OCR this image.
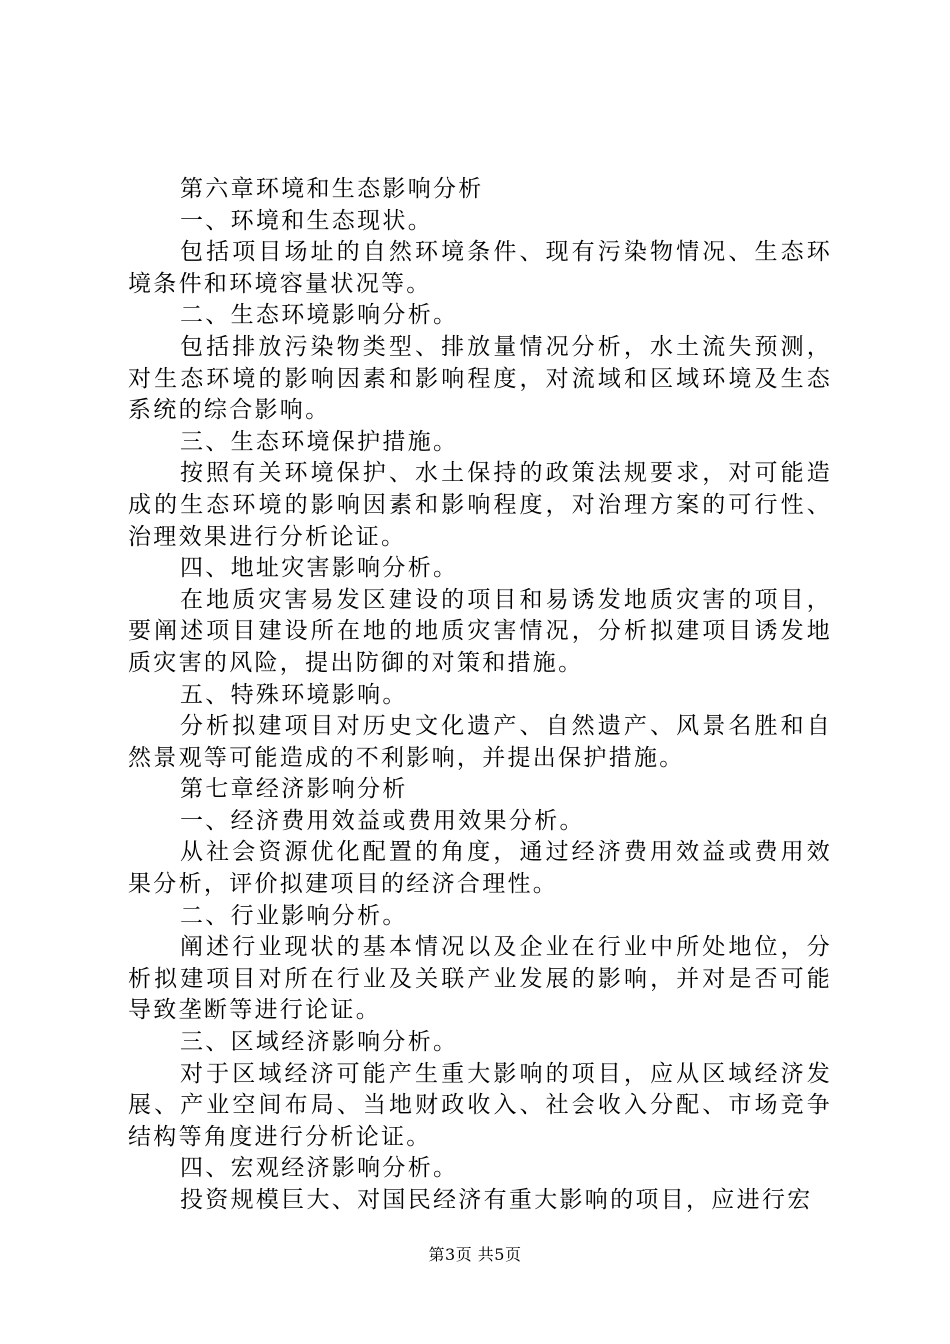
第六章环境和生态影响分析

一、环境和生态现状。

包括项目场址的自然环境条件、现有污染物情况、生态环境条件和环境容量状况等。

二、生态环境影响分析。

包括排放污染物类型、排放量情况分析，水土流失预测，对生态环境的影响因素和影响程度，对流域和区域环境及生态系统的综合影响。

三、生态环境保护措施。

按照有关环境保护、水土保持的政策法规要求，对可能造成的生态环境的影响因素和影响程度，对治理方案的可行性、治理效果进行分析论证。

四、地址灾害影响分析。

在地质灾害易发区建设的项目和易诱发地质灾害的项目，要阐述项目建设所在地的地质灾害情况，分析拟建项目诱发地质灾害的风险，提出防御的对策和措施。

五、特殊环境影响。

分析拟建项目对历史文化遗产、自然遗产、风景名胜和自然景观等可能造成的不利影响，并提出保护措施。

第七章经济影响分析

一、经济费用效益或费用效果分析。

从社会资源优化配置的角度，通过经济费用效益或费用效果分析，评价拟建项目的经济合理性。

二、行业影响分析。

阐述行业现状的基本情况以及企业在行业中所处地位，分析拟建项目对所在行业及关联产业发展的影响，并对是否可能导致垄断等进行论证。

三、区域经济影响分析。

对于区域经济可能产生重大影响的项目，应从区域经济发展、产业空间布局、当地财政收入、社会收入分配、市场竞争结构等角度进行分析论证。

四、宏观经济影响分析。

投资规模巨大、对国民经济有重大影响的项目，应进行宏

第3页 共5页
